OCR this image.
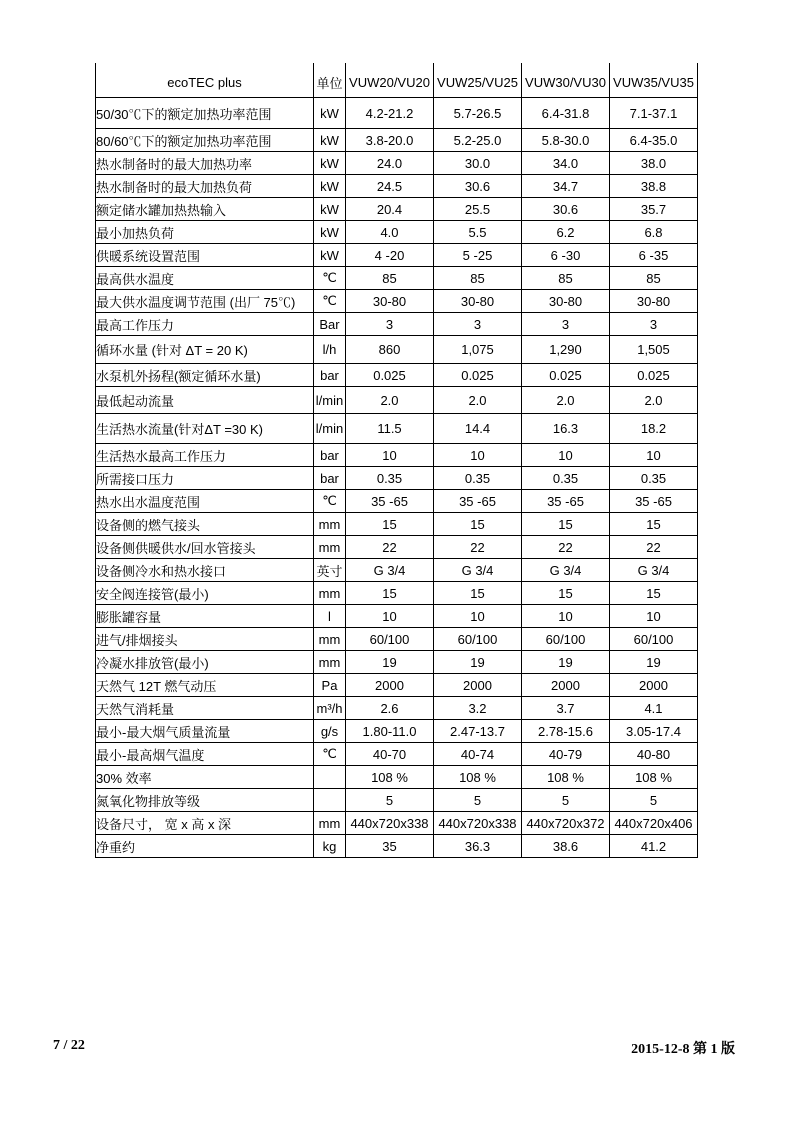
ecoTEC plus	单位	VUW20/VU20	VUW25/VU25	VUW30/VU30	VUW35/VU35
50/30℃下的额定加热功率范围	kW	4.2-21.2	5.7-26.5	6.4-31.8	7.1-37.1
80/60℃下的额定加热功率范围	kW	3.8-20.0	5.2-25.0	5.8-30.0	6.4-35.0
热水制备时的最大加热功率	kW	24.0	30.0	34.0	38.0
热水制备时的最大加热负荷	kW	24.5	30.6	34.7	38.8
额定储水罐加热热输入	kW	20.4	25.5	30.6	35.7
最小加热负荷	kW	4.0	5.5	6.2	6.8
供暖系统设置范围	kW	4 -20	5 -25	6 -30	6 -35
最高供水温度	℃	85	85	85	85
最大供水温度调节范围 (出厂 75℃)	℃	30-80	30-80	30-80	30-80
最高工作压力	Bar	3	3	3	3
循环水量 (针对 ΔT = 20 K)	l/h	860	1,075	1,290	1,505
水泵机外扬程(额定循环水量)	bar	0.025	0.025	0.025	0.025
最低起动流量	l/min	2.0	2.0	2.0	2.0
生活热水流量(针对ΔT =30 K)	l/min	11.5	14.4	16.3	18.2
生活热水最高工作压力	bar	10	10	10	10
所需接口压力	bar	0.35	0.35	0.35	0.35
热水出水温度范围	℃	35 -65	35 -65	35 -65	35 -65
设备侧的燃气接头	mm	15	15	15	15
设备侧供暖供水/回水管接头	mm	22	22	22	22
设备侧冷水和热水接口	英寸	G 3/4	G 3/4	G 3/4	G 3/4
安全阀连接管(最小)	mm	15	15	15	15
膨胀罐容量	l	10	10	10	10
进气/排烟接头	mm	60/100	60/100	60/100	60/100
冷凝水排放管(最小)	mm	19	19	19	19
天然气 12T 燃气动压	Pa	2000	2000	2000	2000
天然气消耗量	m³/h	2.6	3.2	3.7	4.1
最小-最大烟气质量流量	g/s	1.80-11.0	2.47-13.7	2.78-15.6	3.05-17.4
最小-最高烟气温度	℃	40-70	40-74	40-79	40-80
30% 效率		108 %	108 %	108 %	108 %
氮氧化物排放等级		5	5	5	5
设备尺寸， 宽 x 高 x 深	mm	440x720x338	440x720x338	440x720x372	440x720x406
净重约	kg	35	36.3	38.6	41.2
7 / 22	2015-12-8 第 1 版
